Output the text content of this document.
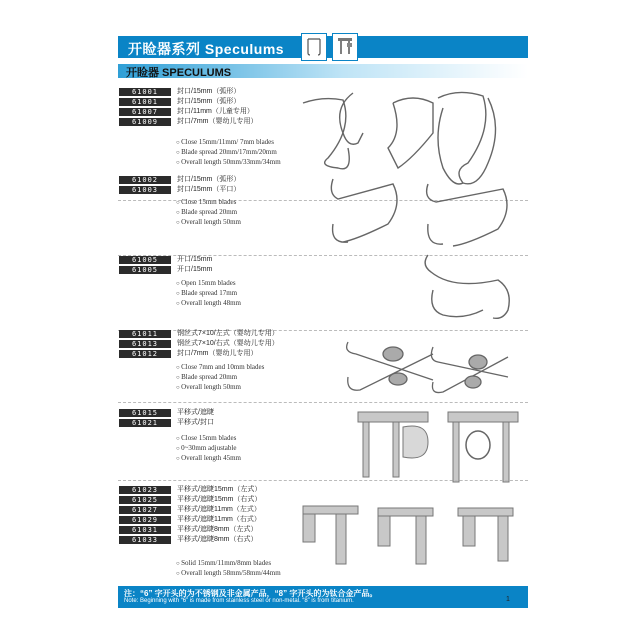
开睑器系列 Speculums
开睑器 SPECULUMS
61001
61001
61007
61009
封口/15mm（弧形）
封口/15mm（弧形）
封口/11mm（儿童专用）
封口/7mm（婴幼儿专用）
○ Close 15mm/11mm/ 7mm blades
○ Blade spread 20mm/17mm/20mm
○ Overall length 50mm/33mm/34mm
61002
61003
封口/15mm（弧形）
封口/15mm（平口）
○ Close 15mm blades
○ Blade spread 20mm
○ Overall length 50mm
61005
61005
开口/15mm
开口/15mm
○ Open 15mm blades
○ Blade spread 17mm
○ Overall length 48mm
61011
61013
61012
钢丝式7×10/左式（婴幼儿专用）
钢丝式7×10/右式（婴幼儿专用）
封口/7mm（婴幼儿专用）
○ Close 7mm and 10mm blades
○ Blade spread 20mm
○ Overall length 50mm
61015
61021
平移式/遮睫
平移式/封口
○ Close 15mm blades
○ 0~30mm adjustable
○ Overall length 45mm
61023
61025
61027
61029
61031
61033
平移式/遮睫15mm（左式）
平移式/遮睫15mm（右式）
平移式/遮睫11mm（左式）
平移式/遮睫11mm（右式）
平移式/遮睫8mm（左式）
平移式/遮睫8mm（右式）
○ Solid 15mm/11mm/8mm blades
○ Overall length 58mm/58mm/44mm
注：“6” 字开头的为不锈钢及非金属产品，“8” 字开头的为钛合金产品。
Note: Beginning with “6” is made from stainless steel or non-metal. “8” is from titanium.	1
